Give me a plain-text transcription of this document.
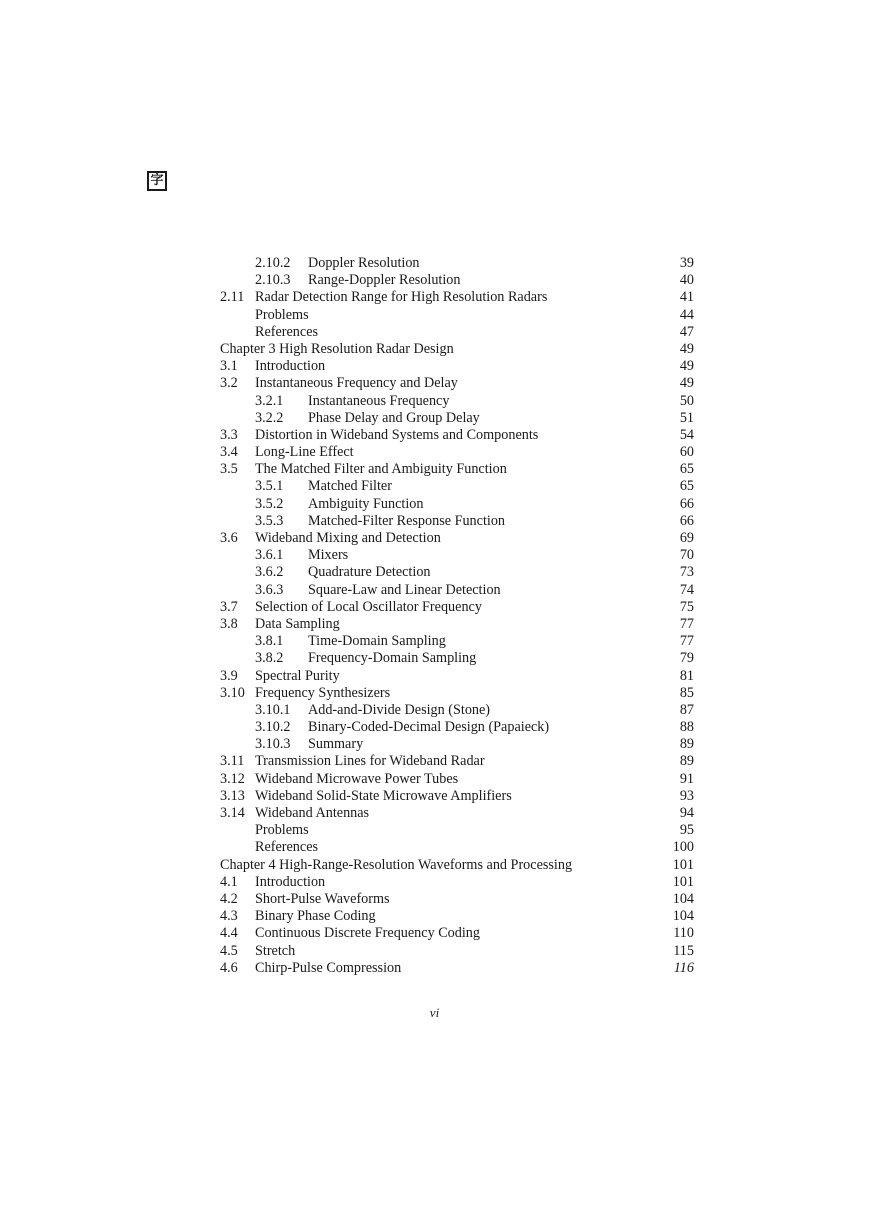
字
2.10.2 Doppler Resolution	39
2.10.3 Range-Doppler Resolution	40
2.11 Radar Detection Range for High Resolution Radars	41
Problems	44
References	47
Chapter 3 High Resolution Radar Design	49
3.1 Introduction	49
3.2 Instantaneous Frequency and Delay	49
3.2.1 Instantaneous Frequency	50
3.2.2 Phase Delay and Group Delay	51
3.3 Distortion in Wideband Systems and Components	54
3.4 Long-Line Effect	60
3.5 The Matched Filter and Ambiguity Function	65
3.5.1 Matched Filter	65
3.5.2 Ambiguity Function	66
3.5.3 Matched-Filter Response Function	66
3.6 Wideband Mixing and Detection	69
3.6.1 Mixers	70
3.6.2 Quadrature Detection	73
3.6.3 Square-Law and Linear Detection	74
3.7 Selection of Local Oscillator Frequency	75
3.8 Data Sampling	77
3.8.1 Time-Domain Sampling	77
3.8.2 Frequency-Domain Sampling	79
3.9 Spectral Purity	81
3.10 Frequency Synthesizers	85
3.10.1 Add-and-Divide Design (Stone)	87
3.10.2 Binary-Coded-Decimal Design (Papaieck)	88
3.10.3 Summary	89
3.11 Transmission Lines for Wideband Radar	89
3.12 Wideband Microwave Power Tubes	91
3.13 Wideband Solid-State Microwave Amplifiers	93
3.14 Wideband Antennas	94
Problems	95
References	100
Chapter 4 High-Range-Resolution Waveforms and Processing	101
4.1 Introduction	101
4.2 Short-Pulse Waveforms	104
4.3 Binary Phase Coding	104
4.4 Continuous Discrete Frequency Coding	110
4.5 Stretch	115
4.6 Chirp-Pulse Compression	116
vi
